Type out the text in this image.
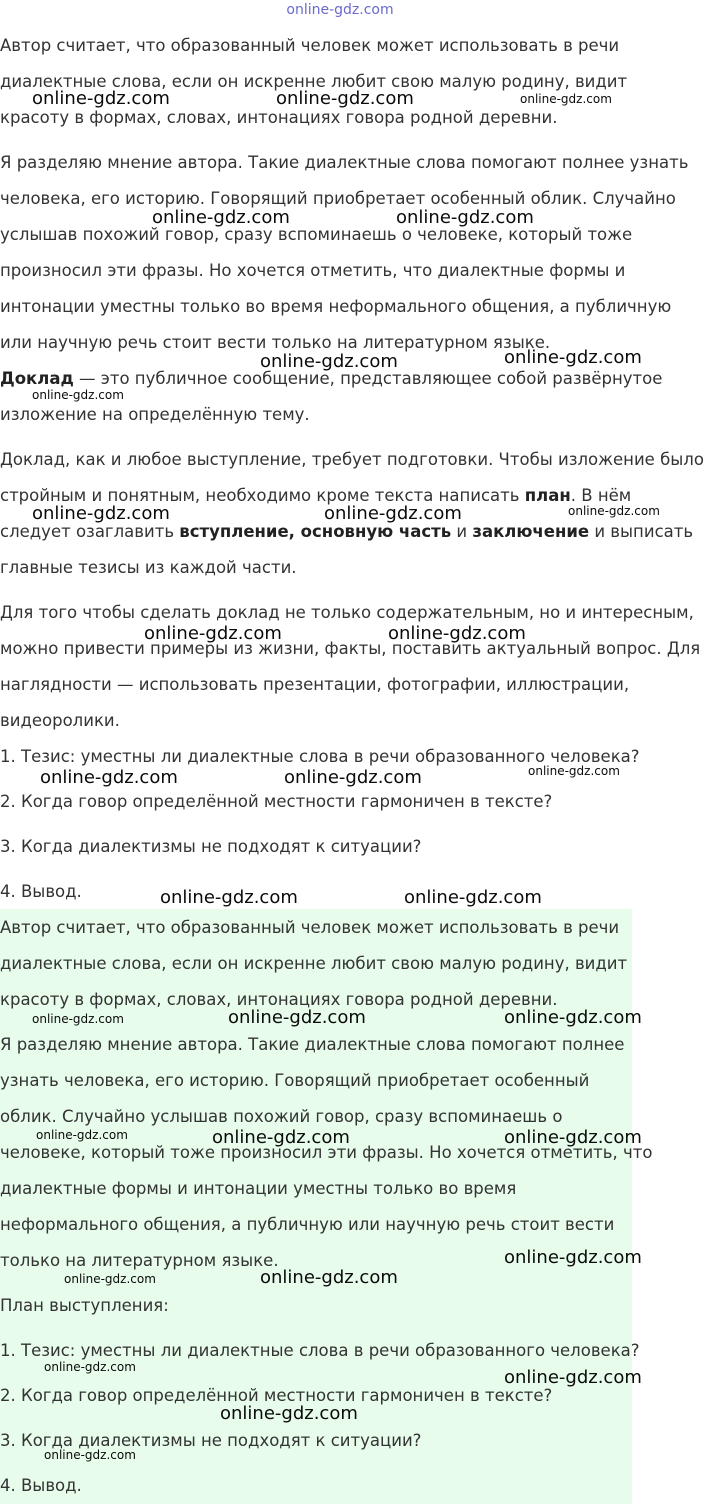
online-gdz.com

Автор считает, что образованный человек может использовать в речи

диалектные слова, если он искренне любит свою малую родину, видит

красоту в формах, словах, интонациях говора родной деревни.

Я разделяю мнение автора. Такие диалектные слова помогают полнее узнать

человека, его историю. Говорящий приобретает особенный облик. Случайно

услышав похожий говор, сразу вспоминаешь о человеке, который тоже

произносил эти фразы. Но хочется отметить, что диалектные формы и

интонации уместны только во время неформального общения, а публичную

или научную речь стоит вести только на литературном языке.

Доклад — это публичное сообщение, представляющее собой развёрнутое

изложение на определённую тему.

Доклад, как и любое выступление, требует подготовки. Чтобы изложение было

стройным и понятным, необходимо кроме текста написать план. В нём

следует озаглавить вступление, основную часть и заключение и выписать

главные тезисы из каждой части.

Для того чтобы сделать доклад не только содержательным, но и интересным,

можно привести примеры из жизни, факты, поставить актуальный вопрос. Для

наглядности — использовать презентации, фотографии, иллюстрации,

видеоролики.

1. Тезис: уместны ли диалектные слова в речи образованного человека?

2. Когда говор определённой местности гармоничен в тексте?

3. Когда диалектизмы не подходят к ситуации?

4. Вывод.

Автор считает, что образованный человек может использовать в речи

диалектные слова, если он искренне любит свою малую родину, видит

красоту в формах, словах, интонациях говора родной деревни.

Я разделяю мнение автора. Такие диалектные слова помогают полнее

узнать человека, его историю. Говорящий приобретает особенный

облик. Случайно услышав похожий говор, сразу вспоминаешь о

человеке, который тоже произносил эти фразы. Но хочется отметить, что

диалектные формы и интонации уместны только во время

неформального общения, а публичную или научную речь стоит вести

только на литературном языке.

План выступления:

1. Тезис: уместны ли диалектные слова в речи образованного человека?

2. Когда говор определённой местности гармоничен в тексте?

3. Когда диалектизмы не подходят к ситуации?

4. Вывод.

online-gdz.com	online-gdz.com	online-gdz.com
online-gdz.com	online-gdz.com
online-gdz.com	online-gdz.com
online-gdz.com
online-gdz.com	online-gdz.com	online-gdz.com
online-gdz.com	online-gdz.com
online-gdz.com	online-gdz.com	online-gdz.com
online-gdz.com	online-gdz.com
online-gdz.com	online-gdz.com	online-gdz.com
online-gdz.com	online-gdz.com	online-gdz.com
online-gdz.com
online-gdz.com	online-gdz.com
online-gdz.com	online-gdz.com
online-gdz.com
online-gdz.com
